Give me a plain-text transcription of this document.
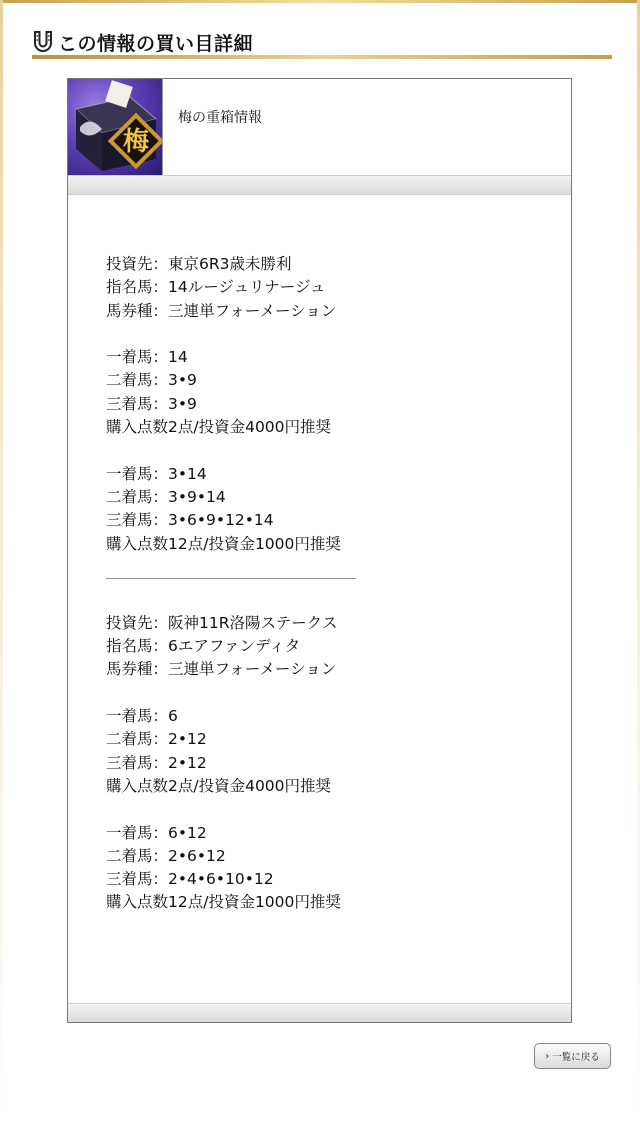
この情報の買い目詳細
梅
梅の重箱情報
投資先：東京6R3歳未勝利
指名馬：14ルージュリナージュ
馬券種：三連単フォーメーション
一着馬：14
二着馬：3•9
三着馬：3•9
購入点数2点/投資金4000円推奨
一着馬：3•14
二着馬：3•9•14
三着馬：3•6•9•12•14
購入点数12点/投資金1000円推奨
投資先：阪神11R洛陽ステークス
指名馬：6エアファンディタ
馬券種：三連単フォーメーション
一着馬：6
二着馬：2•12
三着馬：2•12
購入点数2点/投資金4000円推奨
一着馬：6•12
二着馬：2•6•12
三着馬：2•4•6•10•12
購入点数12点/投資金1000円推奨
› 一覧に戻る
